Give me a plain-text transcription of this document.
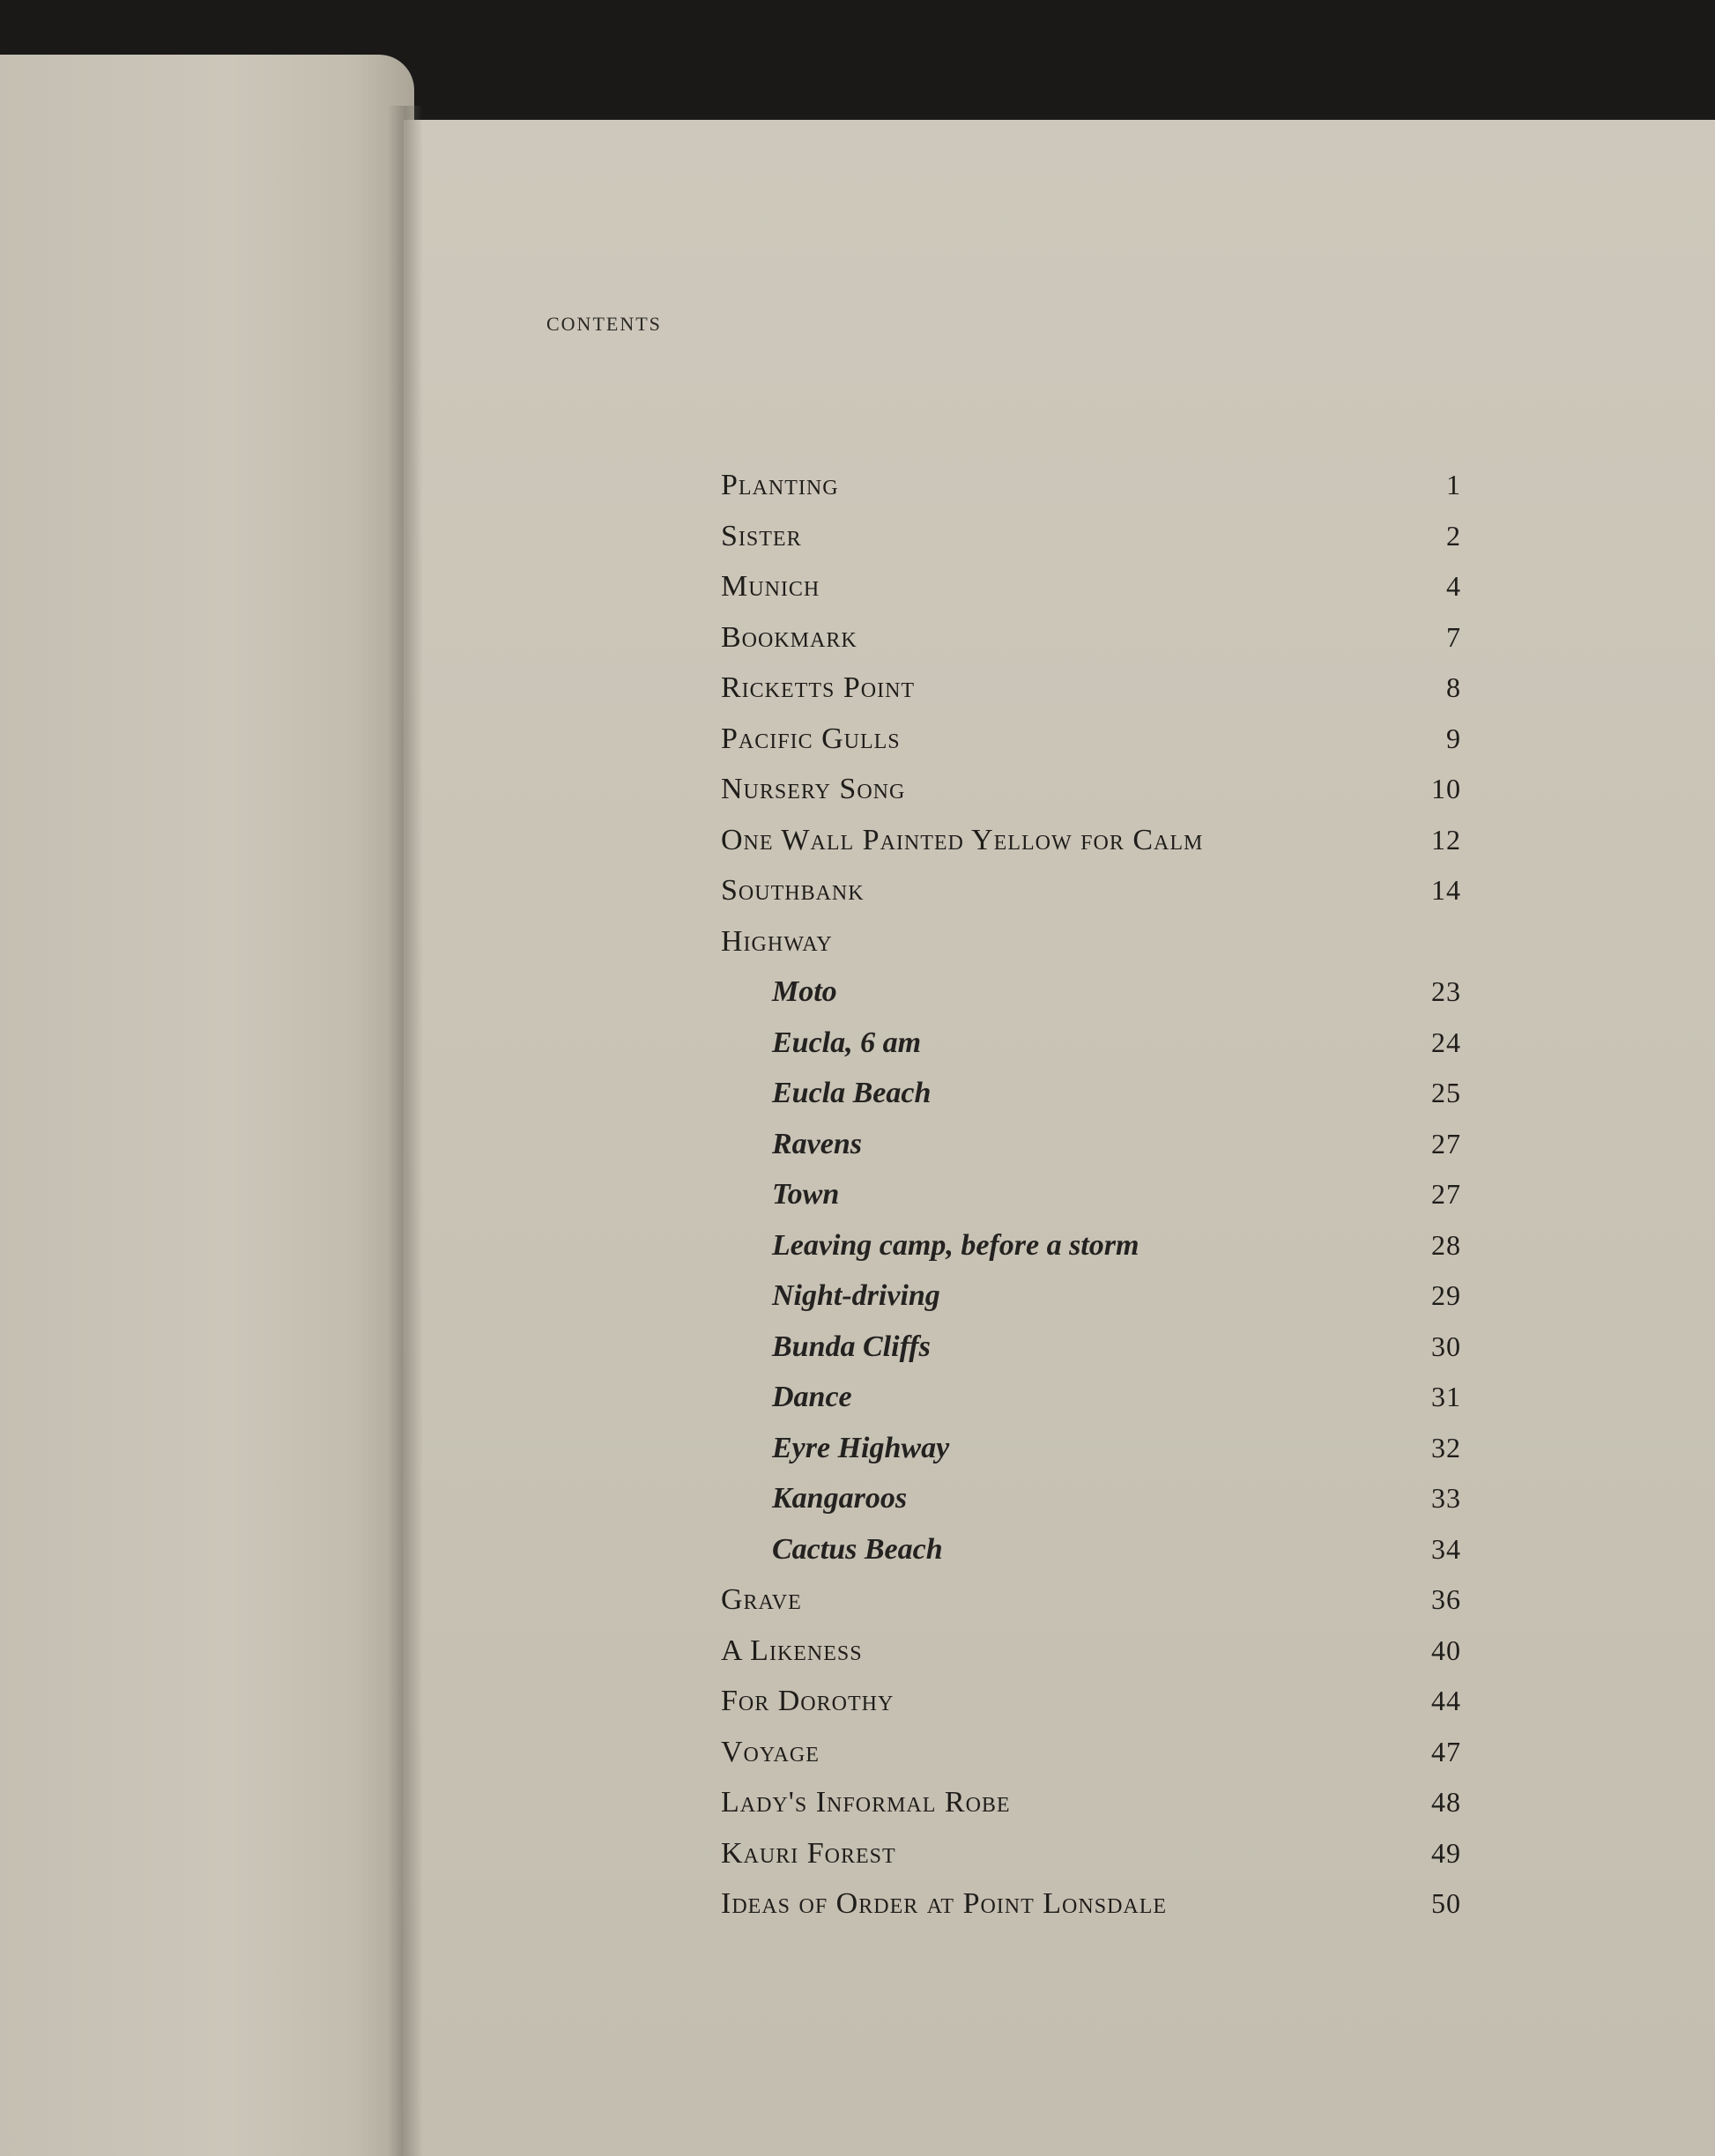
contents
Planting	1
Sister	2
Munich	4
Bookmark	7
Ricketts Point	8
Pacific Gulls	9
Nursery Song	10
One Wall Painted Yellow for Calm	12
Southbank	14
Highway
Moto	23
Eucla, 6 am	24
Eucla Beach	25
Ravens	27
Town	27
Leaving camp, before a storm	28
Night-driving	29
Bunda Cliffs	30
Dance	31
Eyre Highway	32
Kangaroos	33
Cactus Beach	34
Grave	36
A Likeness	40
For Dorothy	44
Voyage	47
Lady's Informal Robe	48
Kauri Forest	49
Ideas of Order at Point Lonsdale	50
